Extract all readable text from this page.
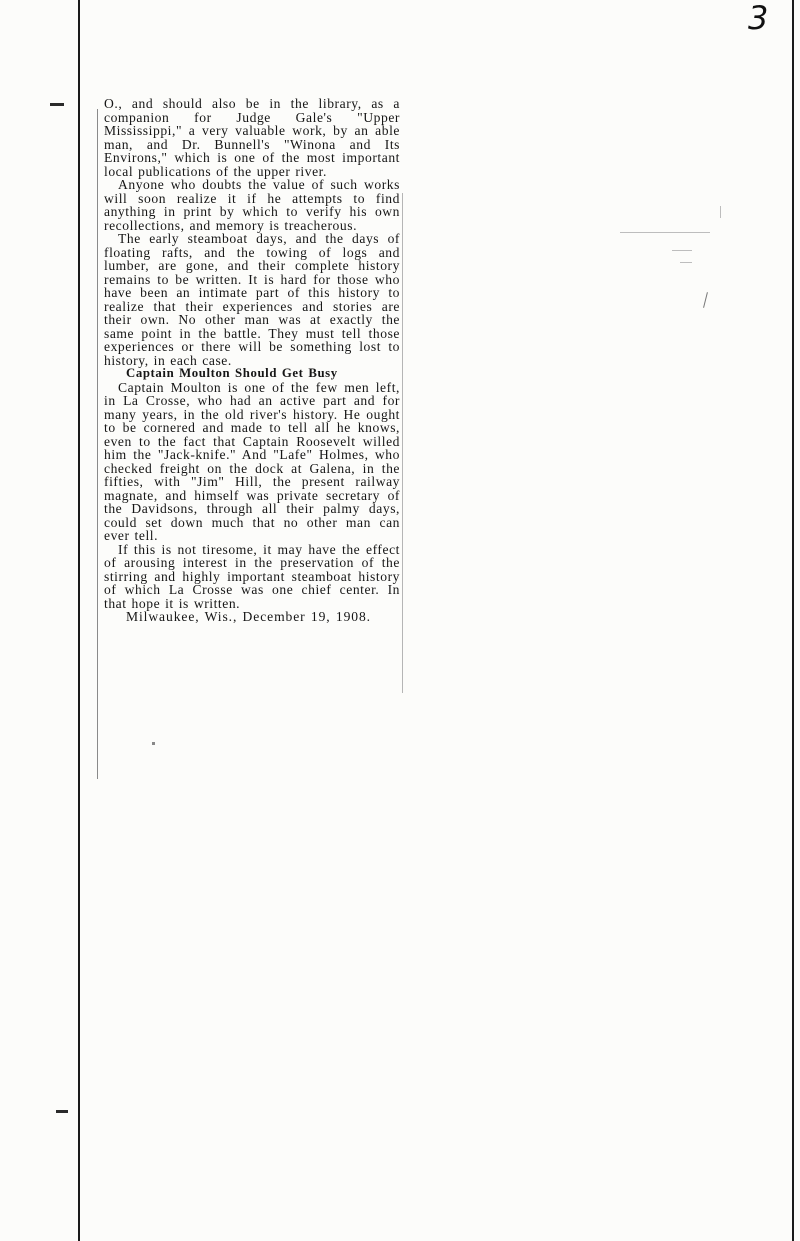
3

O., and should also be in the library, as a companion for Judge Gale's "Upper Mississippi," a very valuable work, by an able man, and Dr. Bunnell's "Winona and Its Environs," which is one of the most important local publications of the upper river.

Anyone who doubts the value of such works will soon realize it if he attempts to find anything in print by which to verify his own recollections, and memory is treacherous.

The early steamboat days, and the days of floating rafts, and the towing of logs and lumber, are gone, and their complete history remains to be written. It is hard for those who have been an intimate part of this history to realize that their experiences and stories are their own. No other man was at exactly the same point in the battle. They must tell those experiences or there will be something lost to history, in each case.

Captain Moulton Should Get Busy

Captain Moulton is one of the few men left, in La Crosse, who had an active part and for many years, in the old river's history. He ought to be cornered and made to tell all he knows, even to the fact that Captain Roosevelt willed him the "Jack-knife." And "Lafe" Holmes, who checked freight on the dock at Galena, in the fifties, with "Jim" Hill, the present railway magnate, and himself was private secretary of the Davidsons, through all their palmy days, could set down much that no other man can ever tell.

If this is not tiresome, it may have the effect of arousing interest in the preservation of the stirring and highly important steamboat history of which La Crosse was one chief center. In that hope it is written.

Milwaukee, Wis., December 19, 1908.
